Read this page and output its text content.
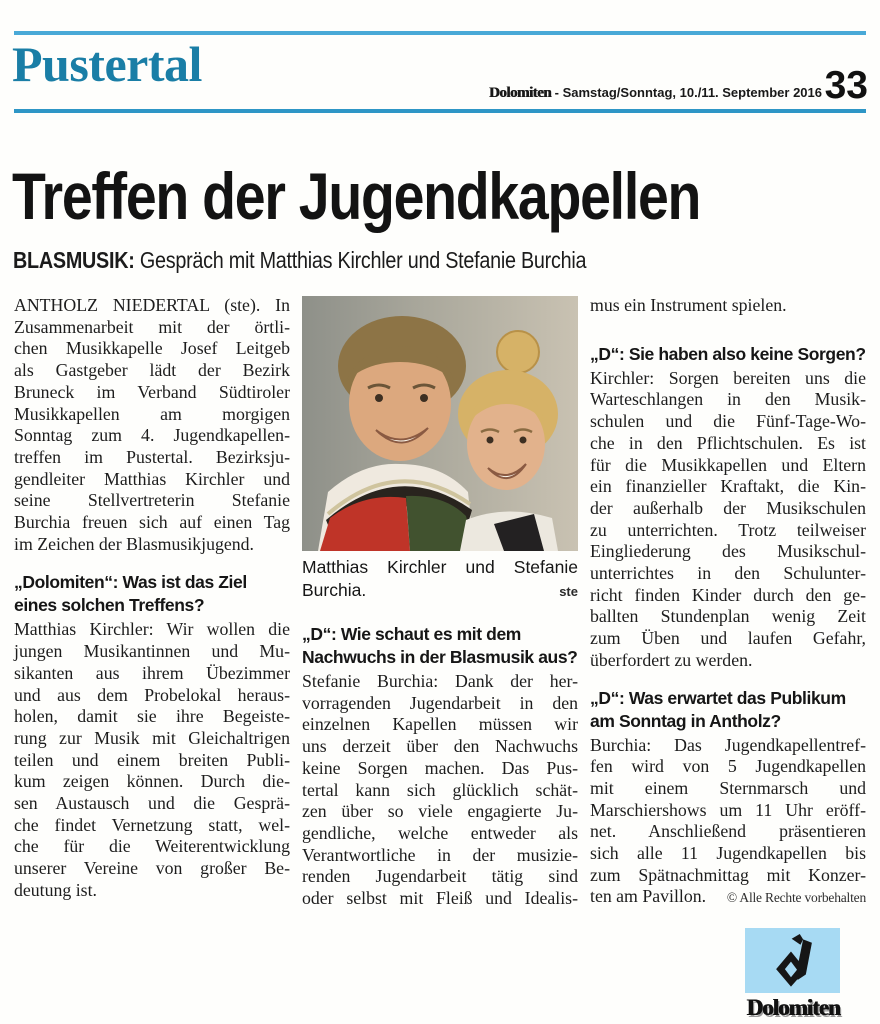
Pustertal
Dolomiten - Samstag/Sonntag, 10./11. September 2016 33
Treffen der Jugendkapellen
BLASMUSIK: Gespräch mit Matthias Kirchler und Stefanie Burchia
ANTHOLZ NIEDERTAL (ste). In
Zusammenarbeit mit der örtli-
chen Musikkapelle Josef Leitgeb
als Gastgeber lädt der Bezirk
Bruneck im Verband Südtiroler
Musikkapellen am morgigen
Sonntag zum 4. Jugendkapellen-
treffen im Pustertal. Bezirksju-
gendleiter Matthias Kirchler und
seine Stellvertreterin Stefanie
Burchia freuen sich auf einen Tag
im Zeichen der Blasmusikjugend.
„Dolomiten“: Was ist das Ziel
eines solchen Treffens?
Matthias Kirchler: Wir wollen die
jungen Musikantinnen und Mu-
sikanten aus ihrem Übezimmer
und aus dem Probelokal heraus-
holen, damit sie ihre Begeiste-
rung zur Musik mit Gleichaltrigen
teilen und einem breiten Publi-
kum zeigen können. Durch die-
sen Austausch und die Gesprä-
che findet Vernetzung statt, wel-
che für die Weiterentwicklung
unserer Vereine von großer Be-
deutung ist.
Matthias Kirchler und Stefanie
Burchia.	ste
„D“: Wie schaut es mit dem
Nachwuchs in der Blasmusik aus?
Stefanie Burchia: Dank der her-
vorragenden Jugendarbeit in den
einzelnen Kapellen müssen wir
uns derzeit über den Nachwuchs
keine Sorgen machen. Das Pus-
tertal kann sich glücklich schät-
zen über so viele engagierte Ju-
gendliche, welche entweder als
Verantwortliche in der musizie-
renden Jugendarbeit tätig sind
oder selbst mit Fleiß und Idealis-
mus ein Instrument spielen.
„D“: Sie haben also keine Sorgen?
Kirchler: Sorgen bereiten uns die
Warteschlangen in den Musik-
schulen und die Fünf-Tage-Wo-
che in den Pflichtschulen. Es ist
für die Musikkapellen und Eltern
ein finanzieller Kraftakt, die Kin-
der außerhalb der Musikschulen
zu unterrichten. Trotz teilweiser
Eingliederung des Musikschul-
unterrichtes in den Schulunter-
richt finden Kinder durch den ge-
ballten Stundenplan wenig Zeit
zum Üben und laufen Gefahr,
überfordert zu werden.
„D“: Was erwartet das Publikum
am Sonntag in Antholz?
Burchia: Das Jugendkapellentref-
fen wird von 5 Jugendkapellen
mit einem Sternmarsch und
Marschiershows um 11 Uhr eröff-
net. Anschließend präsentieren
sich alle 11 Jugendkapellen bis
zum Spätnachmittag mit Konzer-
ten am Pavillon. © Alle Rechte vorbehalten
Dolomiten
